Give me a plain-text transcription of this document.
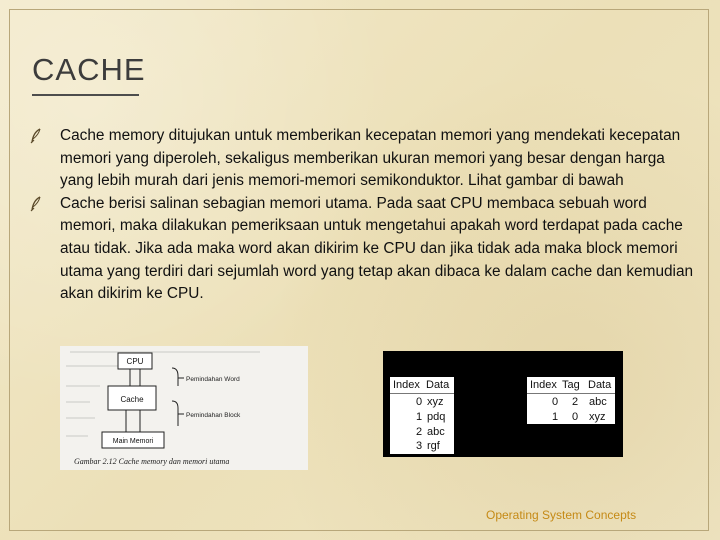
CACHE
Cache memory ditujukan untuk memberikan kecepatan memori yang mendekati kecepatan memori yang diperoleh, sekaligus memberikan ukuran memori yang besar dengan harga yang lebih murah dari jenis memori-memori semikonduktor. Lihat gambar di bawah
Cache berisi salinan sebagian memori utama. Pada saat CPU membaca sebuah word memori, maka dilakukan pemeriksaan untuk mengetahui apakah word terdapat pada cache atau tidak. Jika ada maka word akan dikirim ke CPU dan jika tidak ada maka block memori utama yang terdiri dari sejumlah word yang tetap akan dibaca ke dalam cache dan kemudian akan dikirim ke CPU.
CPU
Cache
Main Memori
Pemindahan Word
Pemindahan Block
Gambar 2.12 Cache memory dan memori utama
Index Data
0 xyz
1 pdq
2 abc
3 rgf
Index Tag Data
0 2 abc
1 0 xyz
Operating System Concepts
